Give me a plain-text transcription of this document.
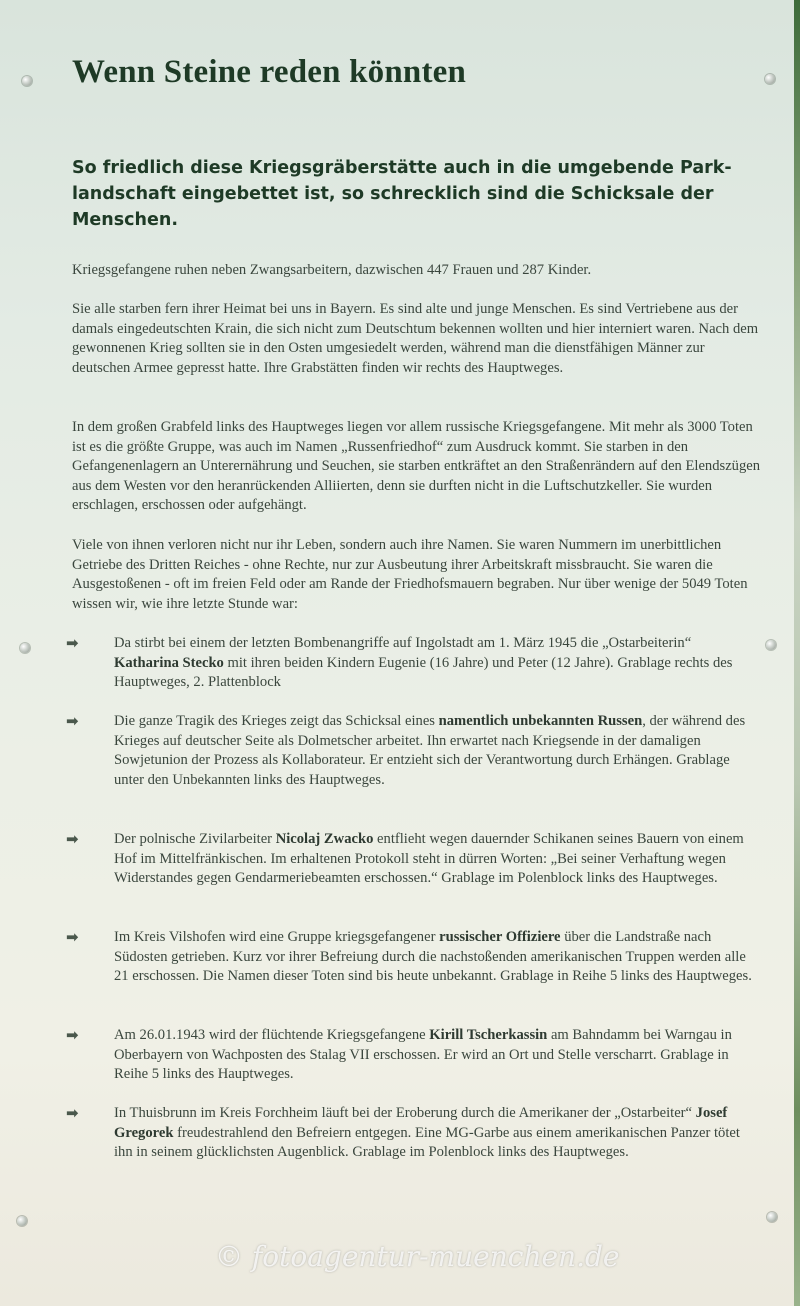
Wenn Steine reden könnten

So friedlich diese Kriegsgräberstätte auch in die umgebende Park-landschaft eingebettet ist, so schrecklich sind die Schicksale der Menschen.

Kriegsgefangene ruhen neben Zwangsarbeitern, dazwischen 447 Frauen und 287 Kinder.

Sie alle starben fern ihrer Heimat bei uns in Bayern. Es sind alte und junge Menschen. Es sind Vertriebene aus der damals eingedeutschten Krain, die sich nicht zum Deutschtum bekennen wollten und hier interniert waren. Nach dem gewonnenen Krieg sollten sie in den Osten umgesiedelt werden, während man die dienstfähigen Männer zur deutschen Armee gepresst hatte. Ihre Grabstätten finden wir rechts des Hauptweges.

In dem großen Grabfeld links des Hauptweges liegen vor allem russische Kriegsgefangene. Mit mehr als 3000 Toten ist es die größte Gruppe, was auch im Namen „Russenfriedhof“ zum Ausdruck kommt. Sie starben in den Gefangenenlagern an Unterernährung und Seuchen, sie starben entkräftet an den Straßenrändern auf den Elendszügen aus dem Westen vor den heranrückenden Alliierten, denn sie durften nicht in die Luftschutzkeller. Sie wurden erschlagen, erschossen oder aufgehängt.

Viele von ihnen verloren nicht nur ihr Leben, sondern auch ihre Namen. Sie waren Nummern im unerbittlichen Getriebe des Dritten Reiches - ohne Rechte, nur zur Ausbeutung ihrer Arbeitskraft missbraucht. Sie waren die Ausgestoßenen - oft im freien Feld oder am Rande der Friedhofsmauern begraben. Nur über wenige der 5049 Toten wissen wir, wie ihre letzte Stunde war:

➡	Da stirbt bei einem der letzten Bombenangriffe auf Ingolstadt am 1. März 1945 die „Ostarbeiterin“ Katharina Stecko mit ihren beiden Kindern Eugenie (16 Jahre) und Peter (12 Jahre). Grablage rechts des Hauptweges, 2. Plattenblock
➡	Die ganze Tragik des Krieges zeigt das Schicksal eines namentlich unbekannten Russen, der während des Krieges auf deutscher Seite als Dolmetscher arbeitet. Ihn erwartet nach Kriegsende in der damaligen Sowjetunion der Prozess als Kollaborateur. Er entzieht sich der Verantwortung durch Erhängen. Grablage unter den Unbekannten links des Hauptweges.
➡	Der polnische Zivilarbeiter Nicolaj Zwacko entflieht wegen dauernder Schikanen seines Bauern von einem Hof im Mittelfränkischen. Im erhaltenen Protokoll steht in dürren Worten: „Bei seiner Verhaftung wegen Widerstandes gegen Gendarmeriebeamten erschossen.“ Grablage im Polenblock links des Hauptweges.
➡	Im Kreis Vilshofen wird eine Gruppe kriegsgefangener russischer Offiziere über die Landstraße nach Südosten getrieben. Kurz vor ihrer Befreiung durch die nachstoßenden amerikanischen Truppen werden alle 21 erschossen. Die Namen dieser Toten sind bis heute unbekannt. Grablage in Reihe 5 links des Hauptweges.
➡	Am 26.01.1943 wird der flüchtende Kriegsgefangene Kirill Tscherkassin am Bahndamm bei Warngau in Oberbayern von Wachposten des Stalag VII erschossen. Er wird an Ort und Stelle verscharrt. Grablage in Reihe 5 links des Hauptweges.
➡	In Thuisbrunn im Kreis Forchheim läuft bei der Eroberung durch die Amerikaner der „Ostarbeiter“ Josef Gregorek freudestrahlend den Befreiern entgegen. Eine MG-Garbe aus einem amerikanischen Panzer tötet ihn in seinem glücklichsten Augenblick. Grablage im Polenblock links des Hauptweges.
© fotoagentur-muenchen.de
